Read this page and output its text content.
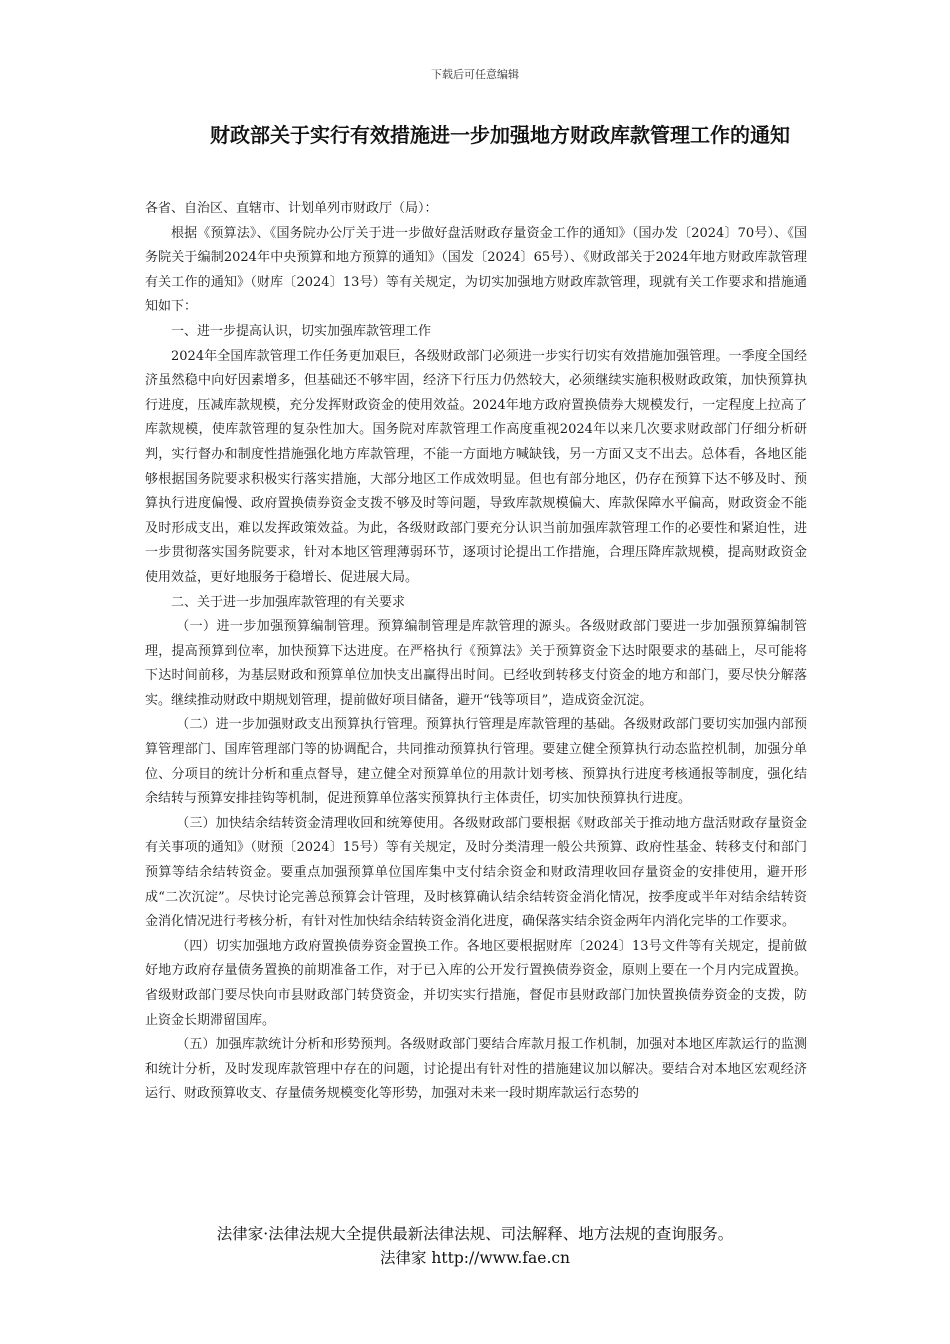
下载后可任意编辑
财政部关于实行有效措施进一步加强地方财政库款管理工作的通知

各省、自治区、直辖市、计划单列市财政厅（局）：

根据《预算法》、《国务院办公厅关于进一步做好盘活财政存量资金工作的通知》（国办发〔2024〕70号）、《国务院关于编制2024年中央预算和地方预算的通知》（国发〔2024〕65号）、《财政部关于2024年地方财政库款管理有关工作的通知》（财库〔2024〕13号）等有关规定，为切实加强地方财政库款管理，现就有关工作要求和措施通知如下：

一、进一步提高认识，切实加强库款管理工作

2024年全国库款管理工作任务更加艰巨，各级财政部门必须进一步实行切实有效措施加强管理。一季度全国经济虽然稳中向好因素增多，但基础还不够牢固，经济下行压力仍然较大，必须继续实施积极财政政策，加快预算执行进度，压减库款规模，充分发挥财政资金的使用效益。2024年地方政府置换债券大规模发行，一定程度上拉高了库款规模，使库款管理的复杂性加大。国务院对库款管理工作高度重视2024年以来几次要求财政部门仔细分析研判，实行督办和制度性措施强化地方库款管理，不能一方面地方喊缺钱，另一方面又支不出去。总体看，各地区能够根据国务院要求积极实行落实措施，大部分地区工作成效明显。但也有部分地区，仍存在预算下达不够及时、预算执行进度偏慢、政府置换债券资金支拨不够及时等问题，导致库款规模偏大、库款保障水平偏高，财政资金不能及时形成支出，难以发挥政策效益。为此，各级财政部门要充分认识当前加强库款管理工作的必要性和紧迫性，进一步贯彻落实国务院要求，针对本地区管理薄弱环节，逐项讨论提出工作措施，合理压降库款规模，提高财政资金使用效益，更好地服务于稳增长、促进展大局。

二、关于进一步加强库款管理的有关要求

（一）进一步加强预算编制管理。预算编制管理是库款管理的源头。各级财政部门要进一步加强预算编制管理，提高预算到位率，加快预算下达进度。在严格执行《预算法》关于预算资金下达时限要求的基础上，尽可能将下达时间前移，为基层财政和预算单位加快支出赢得出时间。已经收到转移支付资金的地方和部门，要尽快分解落实。继续推动财政中期规划管理，提前做好项目储备，避开“钱等项目”，造成资金沉淀。

（二）进一步加强财政支出预算执行管理。预算执行管理是库款管理的基础。各级财政部门要切实加强内部预算管理部门、国库管理部门等的协调配合，共同推动预算执行管理。要建立健全预算执行动态监控机制，加强分单位、分项目的统计分析和重点督导，建立健全对预算单位的用款计划考核、预算执行进度考核通报等制度，强化结余结转与预算安排挂钩等机制，促进预算单位落实预算执行主体责任，切实加快预算执行进度。

（三）加快结余结转资金清理收回和统筹使用。各级财政部门要根据《财政部关于推动地方盘活财政存量资金有关事项的通知》（财预〔2024〕15号）等有关规定，及时分类清理一般公共预算、政府性基金、转移支付和部门预算等结余结转资金。要重点加强预算单位国库集中支付结余资金和财政清理收回存量资金的安排使用，避开形成“二次沉淀”。尽快讨论完善总预算会计管理，及时核算确认结余结转资金消化情况，按季度或半年对结余结转资金消化情况进行考核分析，有针对性加快结余结转资金消化进度，确保落实结余资金两年内消化完毕的工作要求。

（四）切实加强地方政府置换债券资金置换工作。各地区要根据财库〔2024〕13号文件等有关规定，提前做好地方政府存量债务置换的前期准备工作，对于已入库的公开发行置换债券资金，原则上要在一个月内完成置换。省级财政部门要尽快向市县财政部门转贷资金，并切实实行措施，督促市县财政部门加快置换债券资金的支拨，防止资金长期滞留国库。

（五）加强库款统计分析和形势预判。各级财政部门要结合库款月报工作机制，加强对本地区库款运行的监测和统计分析，及时发现库款管理中存在的问题，讨论提出有针对性的措施建议加以解决。要结合对本地区宏观经济运行、财政预算收支、存量债务规模变化等形势，加强对未来一段时期库款运行态势的

法律家·法律法规大全提供最新法律法规、司法解释、地方法规的查询服务。
法律家 http://www.fae.cn
